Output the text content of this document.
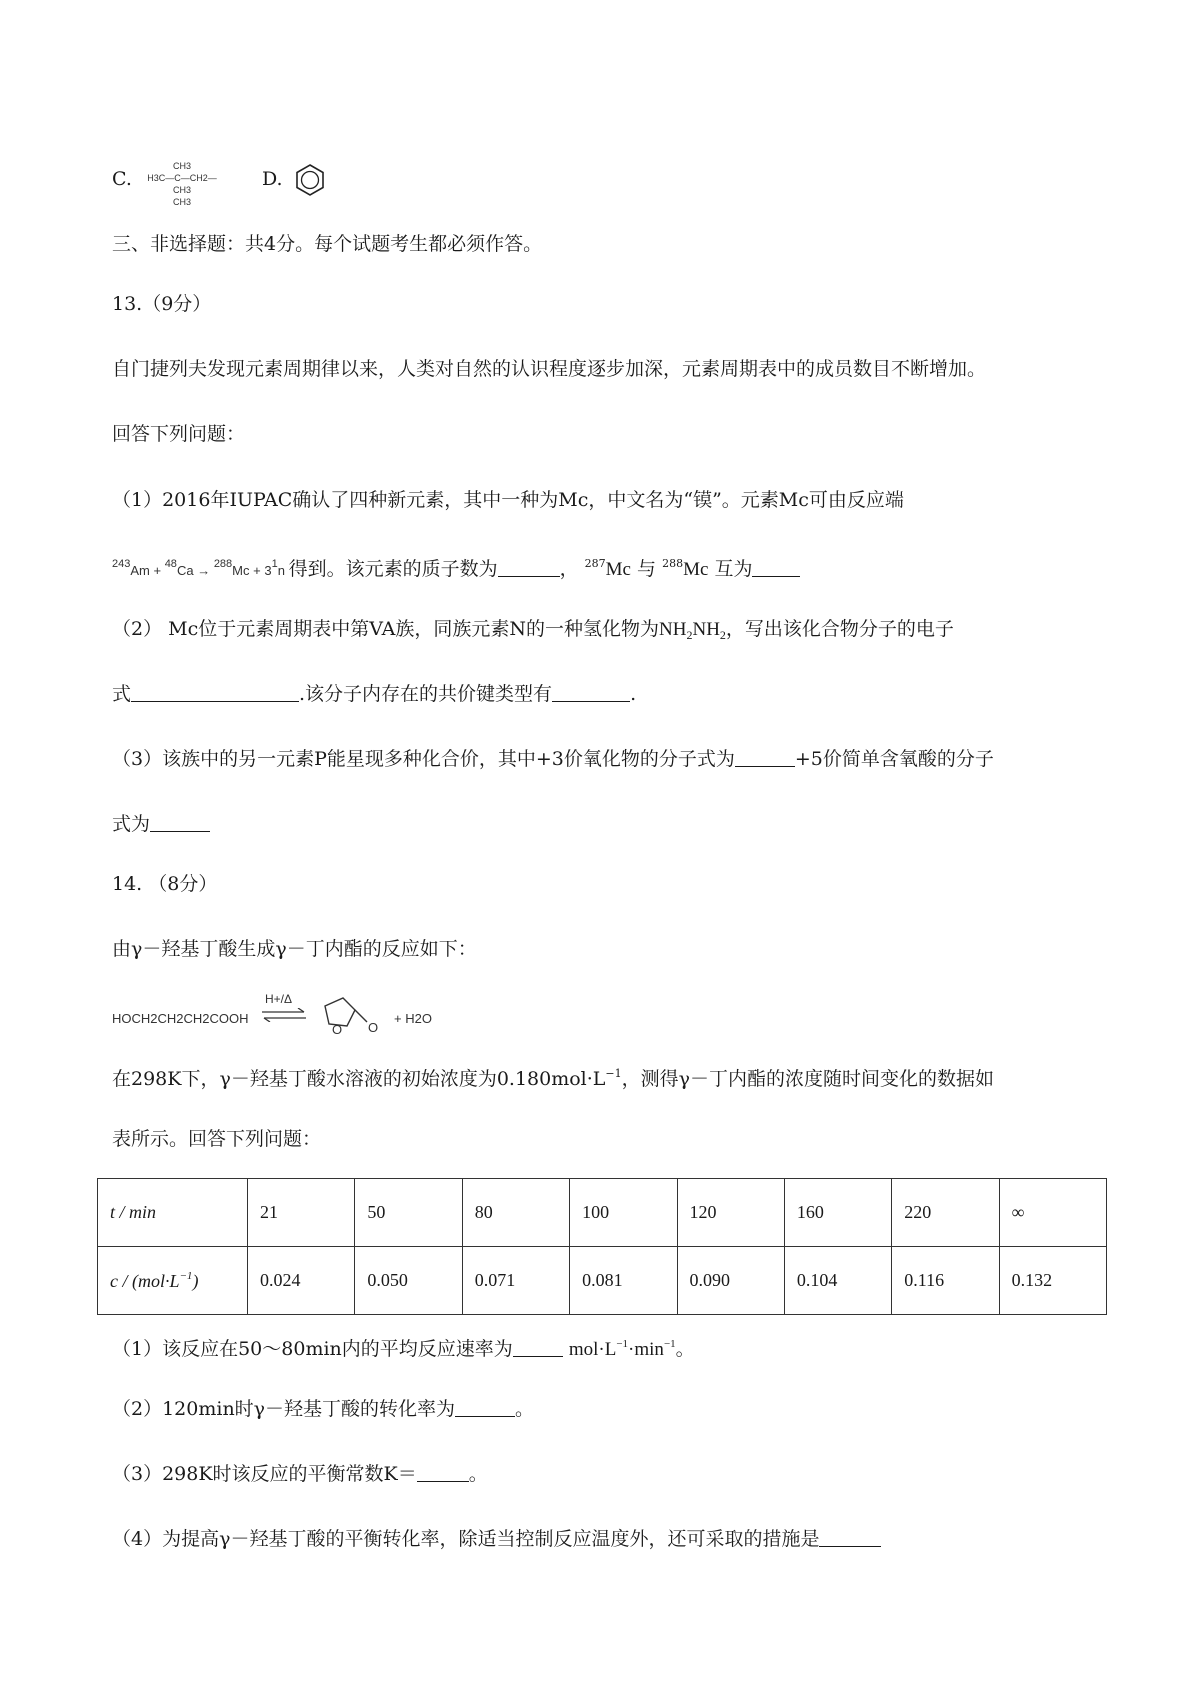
C.
CH3
H3C—C—CH2—CH3
CH3
D.
三、非选择题：共4分。每个试题考生都必须作答。
13.（9分）
自门捷列夫发现元素周期律以来，人类对自然的认识程度逐步加深，元素周期表中的成员数目不断增加。
回答下列问题：
（1）2016年IUPAC确认了四种新元素，其中一种为Mc，中文名为“镆”。元素Mc可由反应端
$^{243}Am + ^{48}Ca \to ^{288}Mc + 3^1n$ 得到。该元素的质子数为	， $^{287}$Mc 与 $^{288}$Mc 互为
（2） Mc位于元素周期表中第VA族，同族元素N的一种氢化物为$NH_2NH_2$，写出该化合物分子的电子
式	.该分子内存在的共价键类型有	.
（3）该族中的另一元素P能星现多种化合价，其中+3价氧化物的分子式为	+5价简单含氧酸的分子
式为
14. （8分）
由γ－羟基丁酸生成γ－丁内酯的反应如下：
HOCH2CH2CH2COOH
H+/Δ
O O
+ H2O
在298K下，γ－羟基丁酸水溶液的初始浓度为$0.180mol\cdot L^{-1}$，测得γ－丁内酯的浓度随时间变化的数据如
表所示。回答下列问题：
t / min	21	50	80	100	120	160	220	∞
$c / (mol\cdot L^{-1})$	0.024	0.050	0.071	0.081	0.090	0.104	0.116	0.132
（1）该反应在50～80min内的平均反应速率为	$mol\cdot L^{-1}\cdot\min^{-1}$。
（2）120min时γ－羟基丁酸的转化率为	。
（3）298K时该反应的平衡常数K＝	。
（4）为提高γ－羟基丁酸的平衡转化率，除适当控制反应温度外，还可采取的措施是
